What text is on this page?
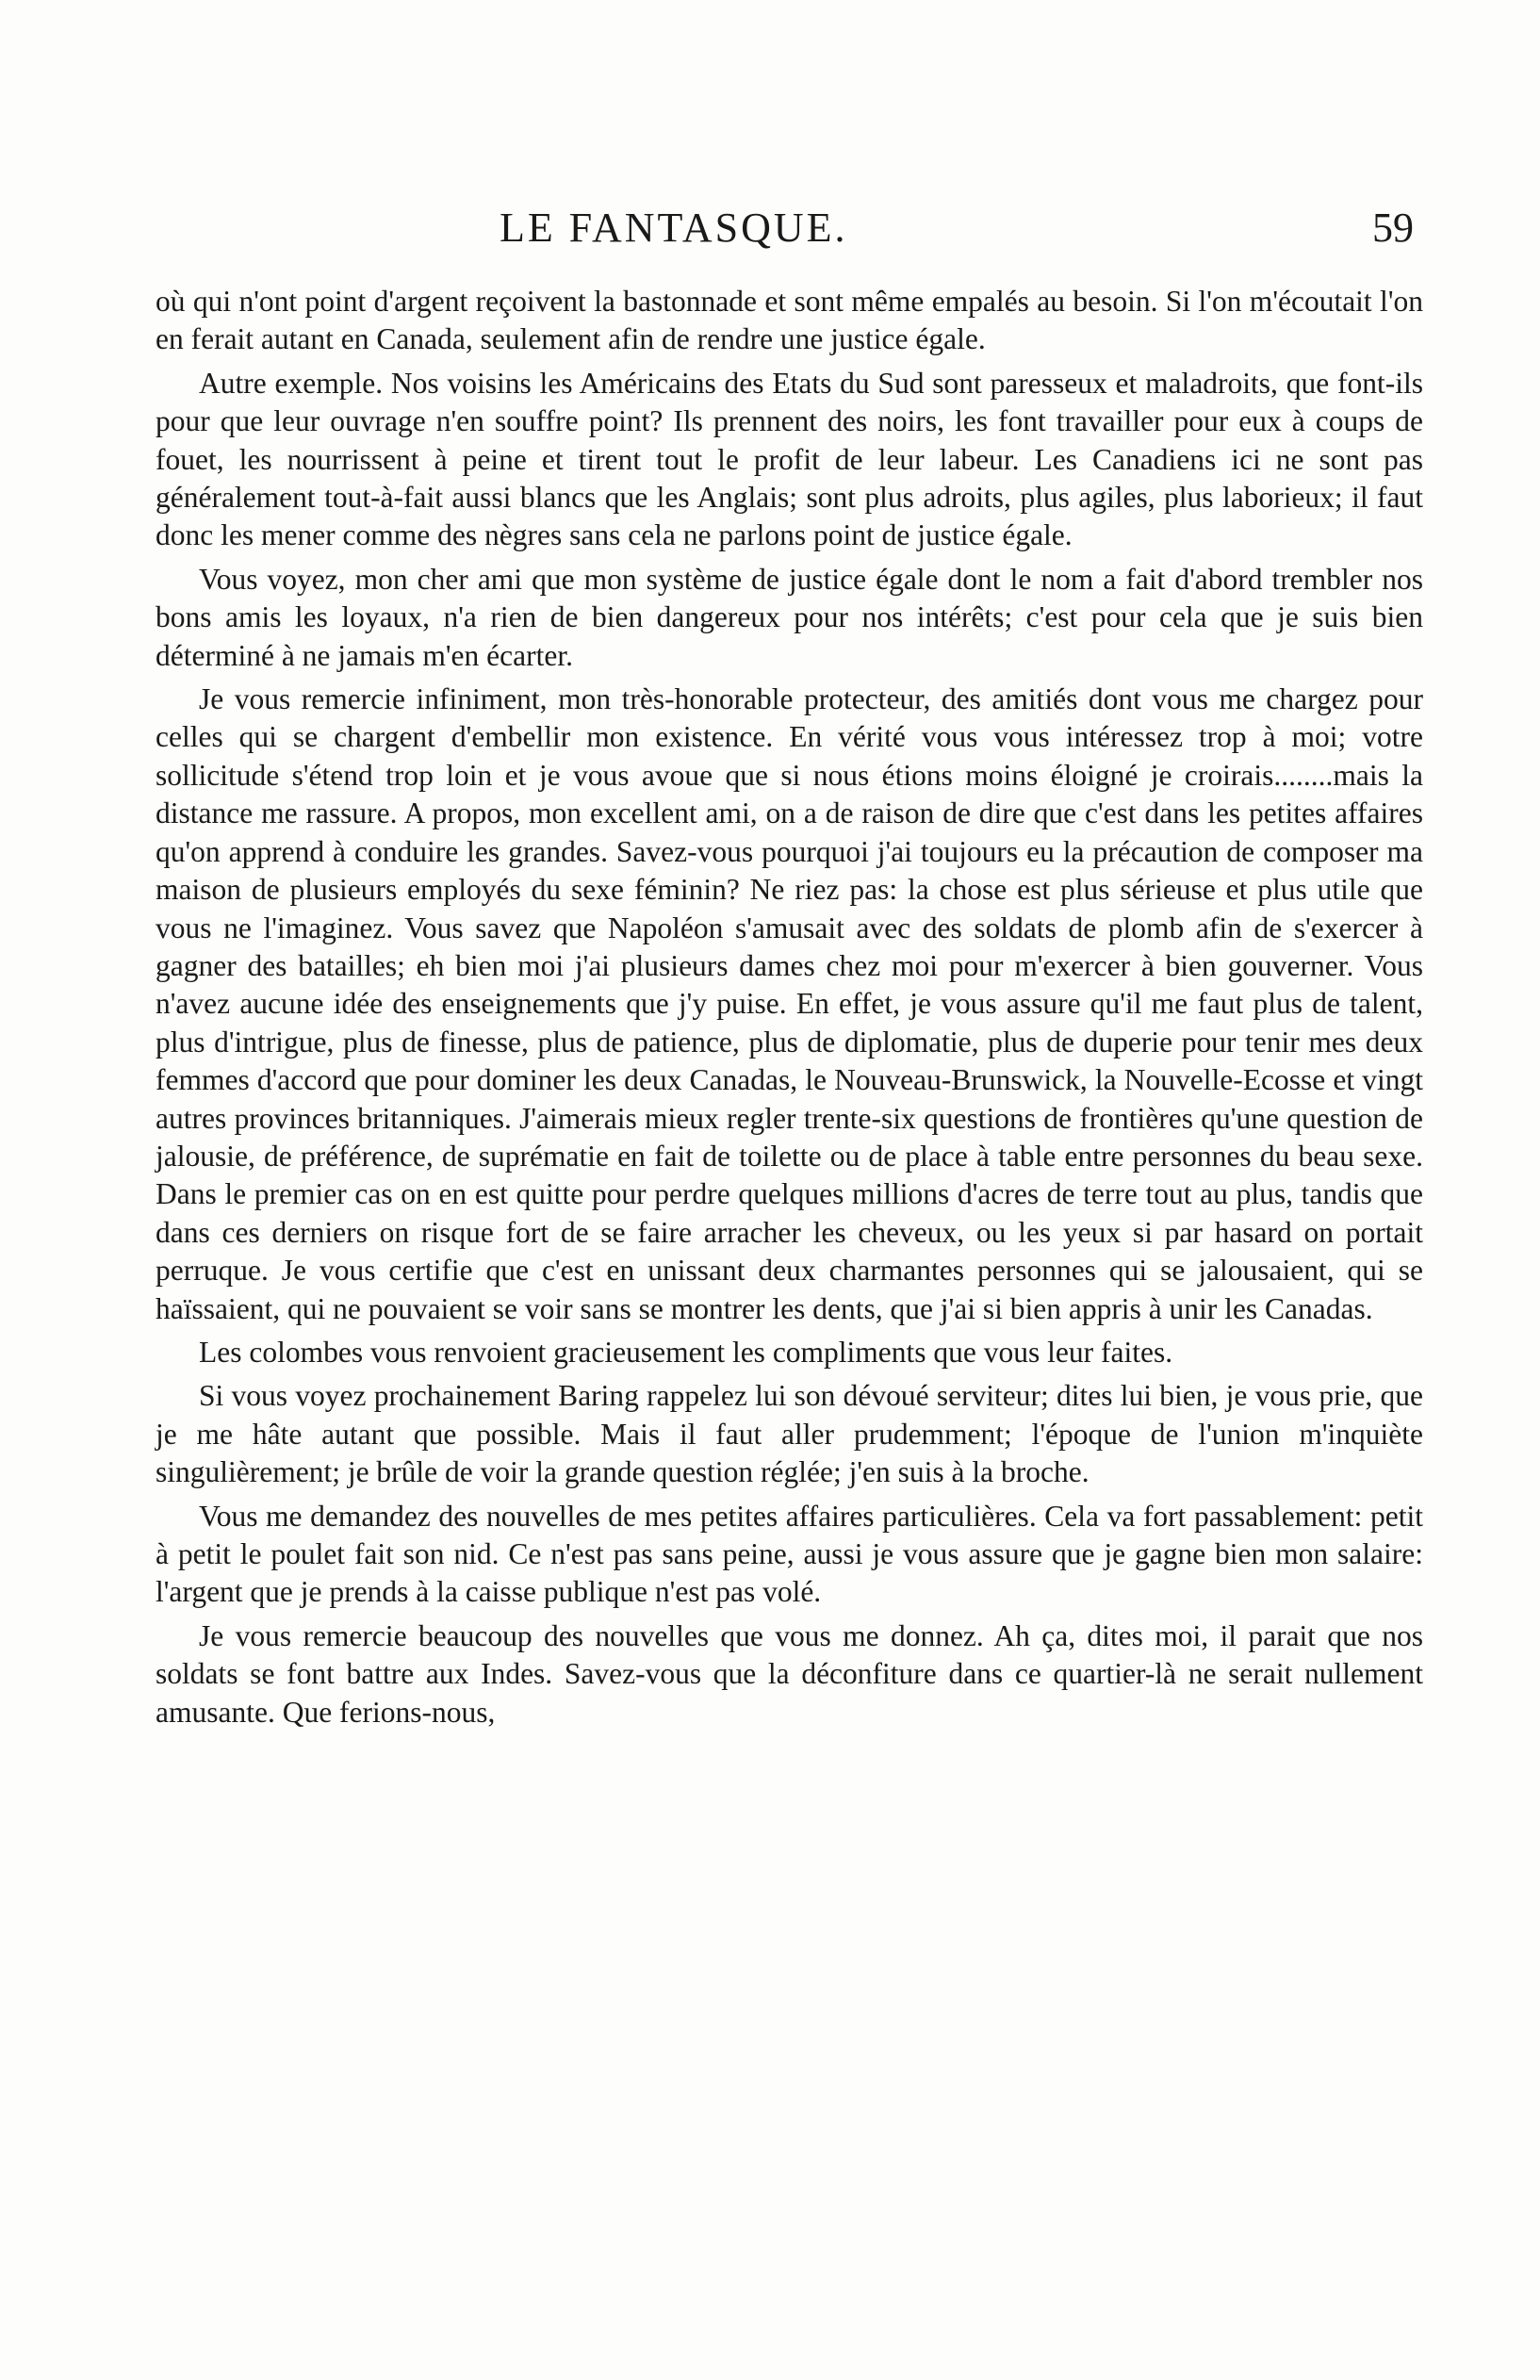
LE FANTASQUE.	59

où qui n'ont point d'argent reçoivent la bastonnade et sont même empalés au besoin. Si l'on m'écoutait l'on en ferait autant en Canada, seulement afin de rendre une justice égale.

Autre exemple. Nos voisins les Américains des Etats du Sud sont paresseux et maladroits, que font-ils pour que leur ouvrage n'en souffre point? Ils prennent des noirs, les font travailler pour eux à coups de fouet, les nourrissent à peine et tirent tout le profit de leur labeur. Les Canadiens ici ne sont pas généralement tout-à-fait aussi blancs que les Anglais; sont plus adroits, plus agiles, plus laborieux; il faut donc les mener comme des nègres sans cela ne parlons point de justice égale.

Vous voyez, mon cher ami que mon système de justice égale dont le nom a fait d'abord trembler nos bons amis les loyaux, n'a rien de bien dangereux pour nos intérêts; c'est pour cela que je suis bien déterminé à ne jamais m'en écarter.

Je vous remercie infiniment, mon très-honorable protecteur, des amitiés dont vous me chargez pour celles qui se chargent d'embellir mon existence. En vérité vous vous intéressez trop à moi; votre sollicitude s'étend trop loin et je vous avoue que si nous étions moins éloigné je croirais........mais la distance me rassure. A propos, mon excellent ami, on a de raison de dire que c'est dans les petites affaires qu'on apprend à conduire les grandes. Savez-vous pourquoi j'ai toujours eu la précaution de composer ma maison de plusieurs employés du sexe féminin? Ne riez pas: la chose est plus sérieuse et plus utile que vous ne l'imaginez. Vous savez que Napoléon s'amusait avec des soldats de plomb afin de s'exercer à gagner des batailles; eh bien moi j'ai plusieurs dames chez moi pour m'exercer à bien gouverner. Vous n'avez aucune idée des enseignements que j'y puise. En effet, je vous assure qu'il me faut plus de talent, plus d'intrigue, plus de finesse, plus de patience, plus de diplomatie, plus de duperie pour tenir mes deux femmes d'accord que pour dominer les deux Canadas, le Nouveau-Brunswick, la Nouvelle-Ecosse et vingt autres provinces britanniques. J'aimerais mieux regler trente-six questions de frontières qu'une question de jalousie, de préférence, de suprématie en fait de toilette ou de place à table entre personnes du beau sexe. Dans le premier cas on en est quitte pour perdre quelques millions d'acres de terre tout au plus, tandis que dans ces derniers on risque fort de se faire arracher les cheveux, ou les yeux si par hasard on portait perruque. Je vous certifie que c'est en unissant deux charmantes personnes qui se jalousaient, qui se haïssaient, qui ne pouvaient se voir sans se montrer les dents, que j'ai si bien appris à unir les Canadas.

Les colombes vous renvoient gracieusement les compliments que vous leur faites.

Si vous voyez prochainement Baring rappelez lui son dévoué serviteur; dites lui bien, je vous prie, que je me hâte autant que possible. Mais il faut aller prudemment; l'époque de l'union m'inquiète singulièrement; je brûle de voir la grande question réglée; j'en suis à la broche.

Vous me demandez des nouvelles de mes petites affaires particulières. Cela va fort passablement: petit à petit le poulet fait son nid. Ce n'est pas sans peine, aussi je vous assure que je gagne bien mon salaire: l'argent que je prends à la caisse publique n'est pas volé.

Je vous remercie beaucoup des nouvelles que vous me donnez. Ah ça, dites moi, il parait que nos soldats se font battre aux Indes. Savez-vous que la déconfiture dans ce quartier-là ne serait nullement amusante. Que ferions-nous,
